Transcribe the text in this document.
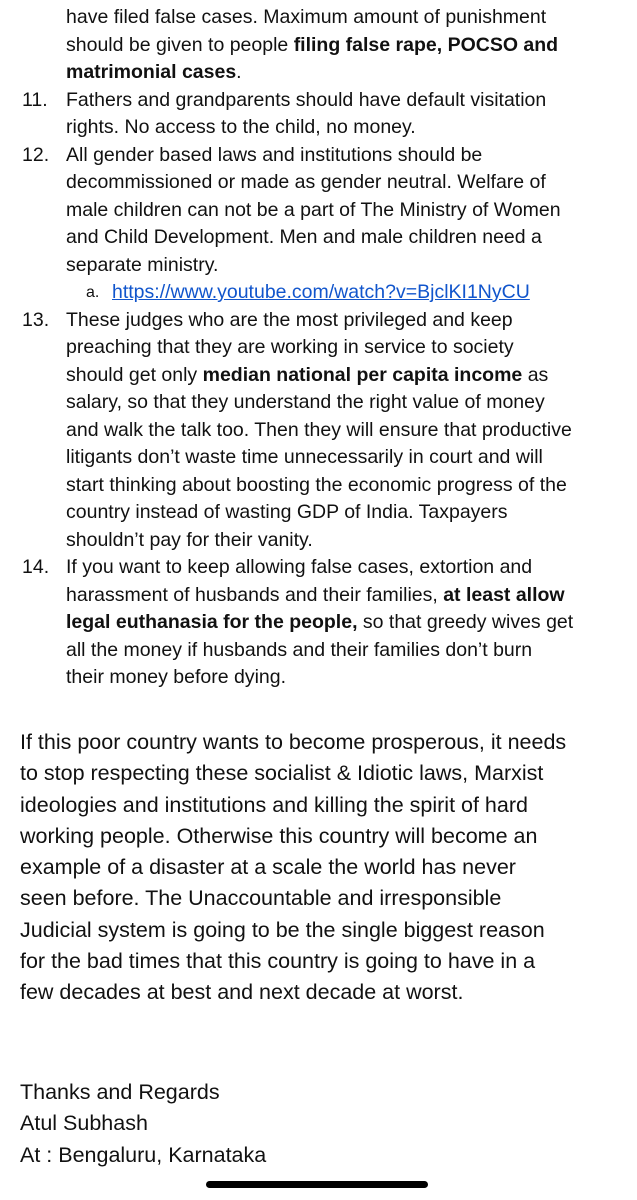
have filed false cases. Maximum amount of punishment
should be given to people filing false rape, POCSO and
matrimonial cases.
11. Fathers and grandparents should have default visitation
rights. No access to the child, no money.
12. All gender based laws and institutions should be
decommissioned or made as gender neutral. Welfare of
male children can not be a part of The Ministry of Women
and Child Development. Men and male children need a
separate ministry.
a. https://www.youtube.com/watch?v=BjclKI1NyCU
13. These judges who are the most privileged and keep
preaching that they are working in service to society
should get only median national per capita income as
salary, so that they understand the right value of money
and walk the talk too. Then they will ensure that productive
litigants don’t waste time unnecessarily in court and will
start thinking about boosting the economic progress of the
country instead of wasting GDP of India. Taxpayers
shouldn’t pay for their vanity.
14. If you want to keep allowing false cases, extortion and
harassment of husbands and their families, at least allow
legal euthanasia for the people, so that greedy wives get
all the money if husbands and their families don’t burn
their money before dying.
If this poor country wants to become prosperous, it needs
to stop respecting these socialist & Idiotic laws, Marxist
ideologies and institutions and killing the spirit of hard
working people. Otherwise this country will become an
example of a disaster at a scale the world has never
seen before. The Unaccountable and irresponsible
Judicial system is going to be the single biggest reason
for the bad times that this country is going to have in a
few decades at best and next decade at worst.
Thanks and Regards
Atul Subhash
At : Bengaluru, Karnataka
